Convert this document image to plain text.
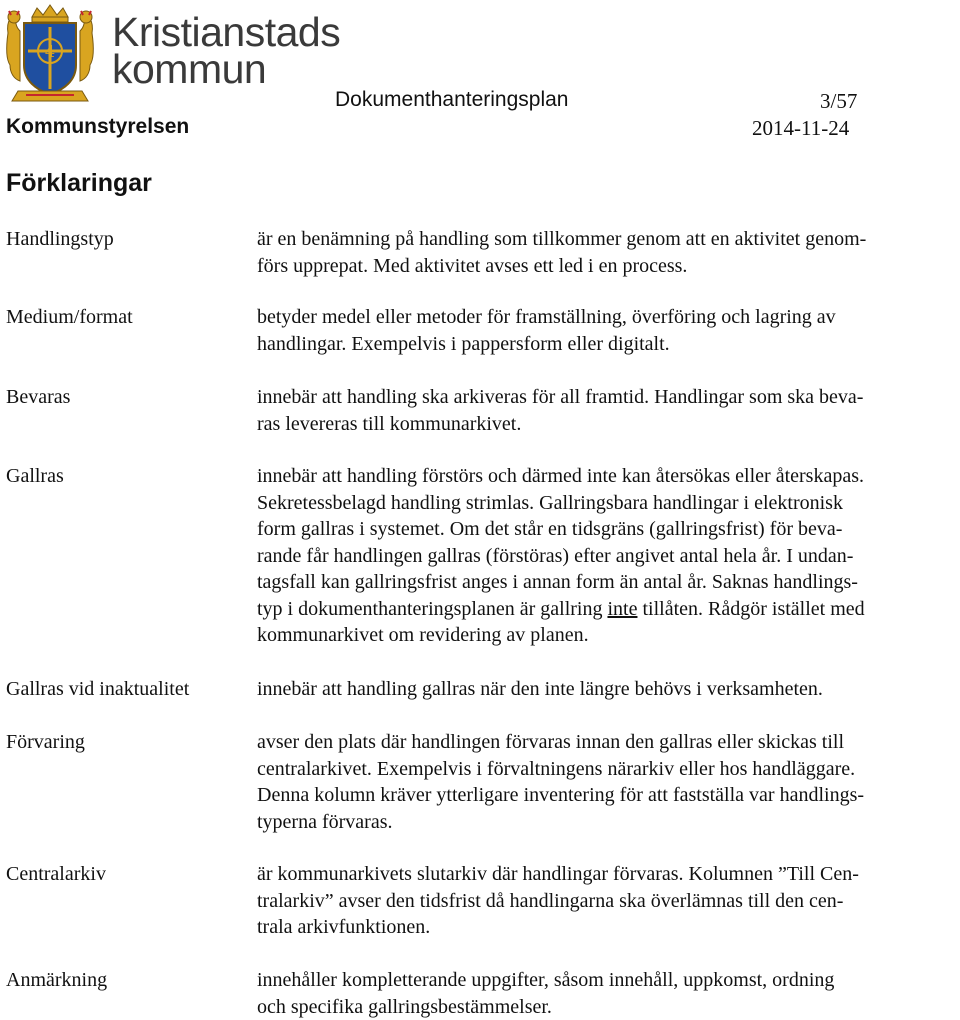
4 Kristianstads
kommun
Dokumenthanteringsplan	3/57
Kommunstyrelsen	2014-11-24
Förklaringar
Handlingstyp
Medium/format
Bevaras
Gallras
Gallras vid inaktualitet
Förvaring
Centralarkiv
Anmärkning
är en benämning på handling som tillkommer genom att en aktivitet genom-
förs upprepat. Med aktivitet avses ett led i en process.
betyder medel eller metoder för framställning, överföring och lagring av
handlingar. Exempelvis i pappersform eller digitalt.
innebär att handling ska arkiveras för all framtid. Handlingar som ska beva-
ras levereras till kommunarkivet.
innebär att handling förstörs och därmed inte kan återsökas eller återskapas.
Sekretessbelagd handling strimlas. Gallringsbara handlingar i elektronisk
form gallras i systemet. Om det står en tidsgräns (gallringsfrist) för beva-
rande får handlingen gallras (förstöras) efter angivet antal hela år. I undan-
tagsfall kan gallringsfrist anges i annan form än antal år. Saknas handlings-
typ i dokumenthanteringsplanen är gallring inte tillåten. Rådgör istället med
kommunarkivet om revidering av planen.
innebär att handling gallras när den inte längre behövs i verksamheten.
avser den plats där handlingen förvaras innan den gallras eller skickas till
centralarkivet. Exempelvis i förvaltningens närarkiv eller hos handläggare.
Denna kolumn kräver ytterligare inventering för att fastställa var handlings-
typerna förvaras.
är kommunarkivets slutarkiv där handlingar förvaras. Kolumnen ”Till Cen-
tralarkiv” avser den tidsfrist då handlingarna ska överlämnas till den cen-
trala arkivfunktionen.
innehåller kompletterande uppgifter, såsom innehåll, uppkomst, ordning
och specifika gallringsbestämmelser.
